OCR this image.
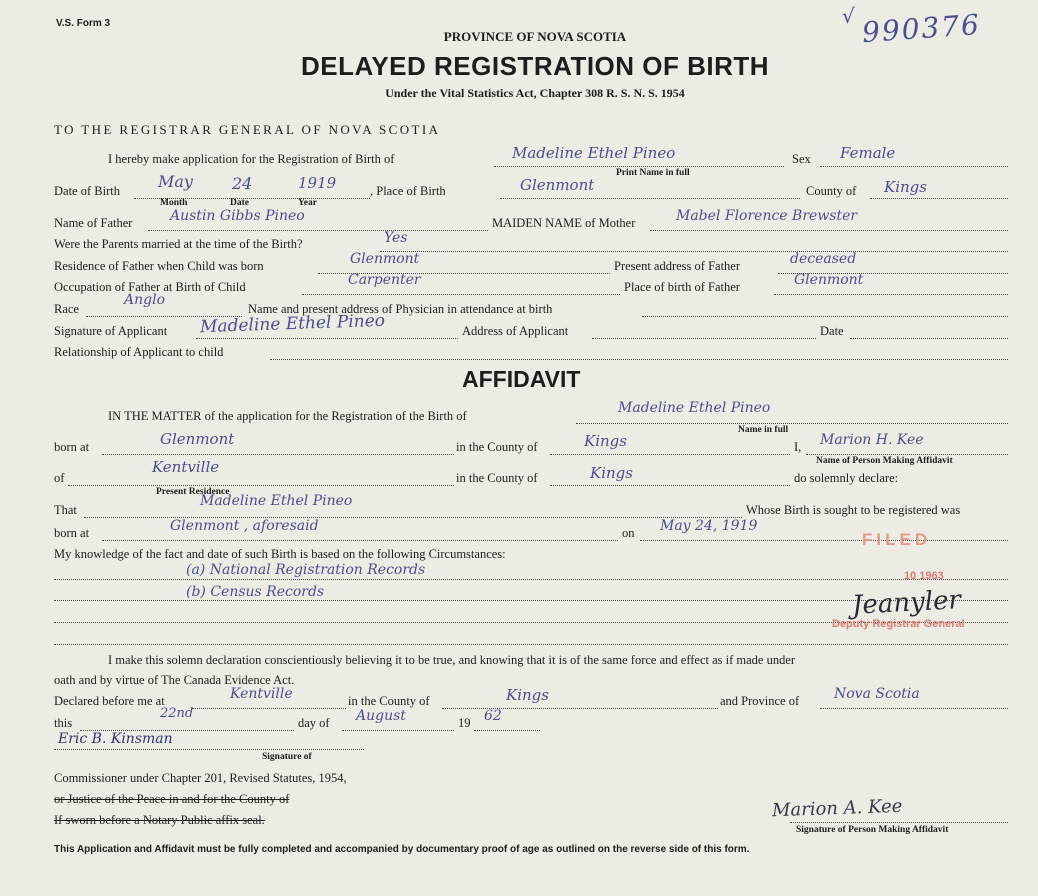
V.S. Form 3	√ 990376
PROVINCE OF NOVA SCOTIA
DELAYED REGISTRATION OF BIRTH
Under the Vital Statistics Act, Chapter 308 R. S. N. S. 1954
TO THE REGISTRAR GENERAL OF NOVA SCOTIA
I hereby make application for the Registration of Birth of	Madeline Ethel Pineo
Print Name in full
Sex Female
Date of Birth May 24	1919
Month	Date	Year
, Place of Birth	Glenmont	County of Kings
Name of Father	Austin Gibbs Pineo	MAIDEN NAME of Mother	Mabel Florence Brewster
Were the Parents married at the time of the Birth?	Yes
Residence of Father when Child was born	Glenmont	Present address of Father	deceased
Occupation of Father at Birth of Child	Carpenter	Place of birth of Father	Glenmont
Race
Anglo
Name and present address of Physician in attendance at birth
Signature of Applicant Madeline Ethel Pineo	Address of Applicant	Date
Relationship of Applicant to child
AFFIDAVIT
IN THE MATTER of the application for the Registration of the Birth of	Madeline Ethel Pineo
Name in full
born at	Glenmont	in the County of	Kings	I, Marion H. Kee
Name of Person Making Affidavit
of
Kentville
Present Residence
in the County of	Kings	do solemnly declare:
That
Madeline Ethel Pineo
Whose Birth is sought to be registered was
born at	Glenmont , aforesaid	on May 24, 1919
My knowledge of the fact and date of such Birth is based on the following Circumstances:
(a) National Registration Records
(b) Census Records
FILED
10 1963
Jeanyler
Deputy Registrar General
I make this solemn declaration conscientiously believing it to be true, and knowing that it is of the same force and effect as if made under
oath and by virtue of The Canada Evidence Act.
Declared before me at	Kentville	in the County of	Kings	and Province of Nova Scotia
this
22nd
day of August	19 62
Eric B. Kinsman
Signature of
Commissioner under Chapter 201, Revised Statutes, 1954,
or Justice of the Peace in and for the County of
If sworn before a Notary Public affix seal.	Marion A. Kee
Signature of Person Making Affidavit
This Application and Affidavit must be fully completed and accompanied by documentary proof of age as outlined on the reverse side of this form.
